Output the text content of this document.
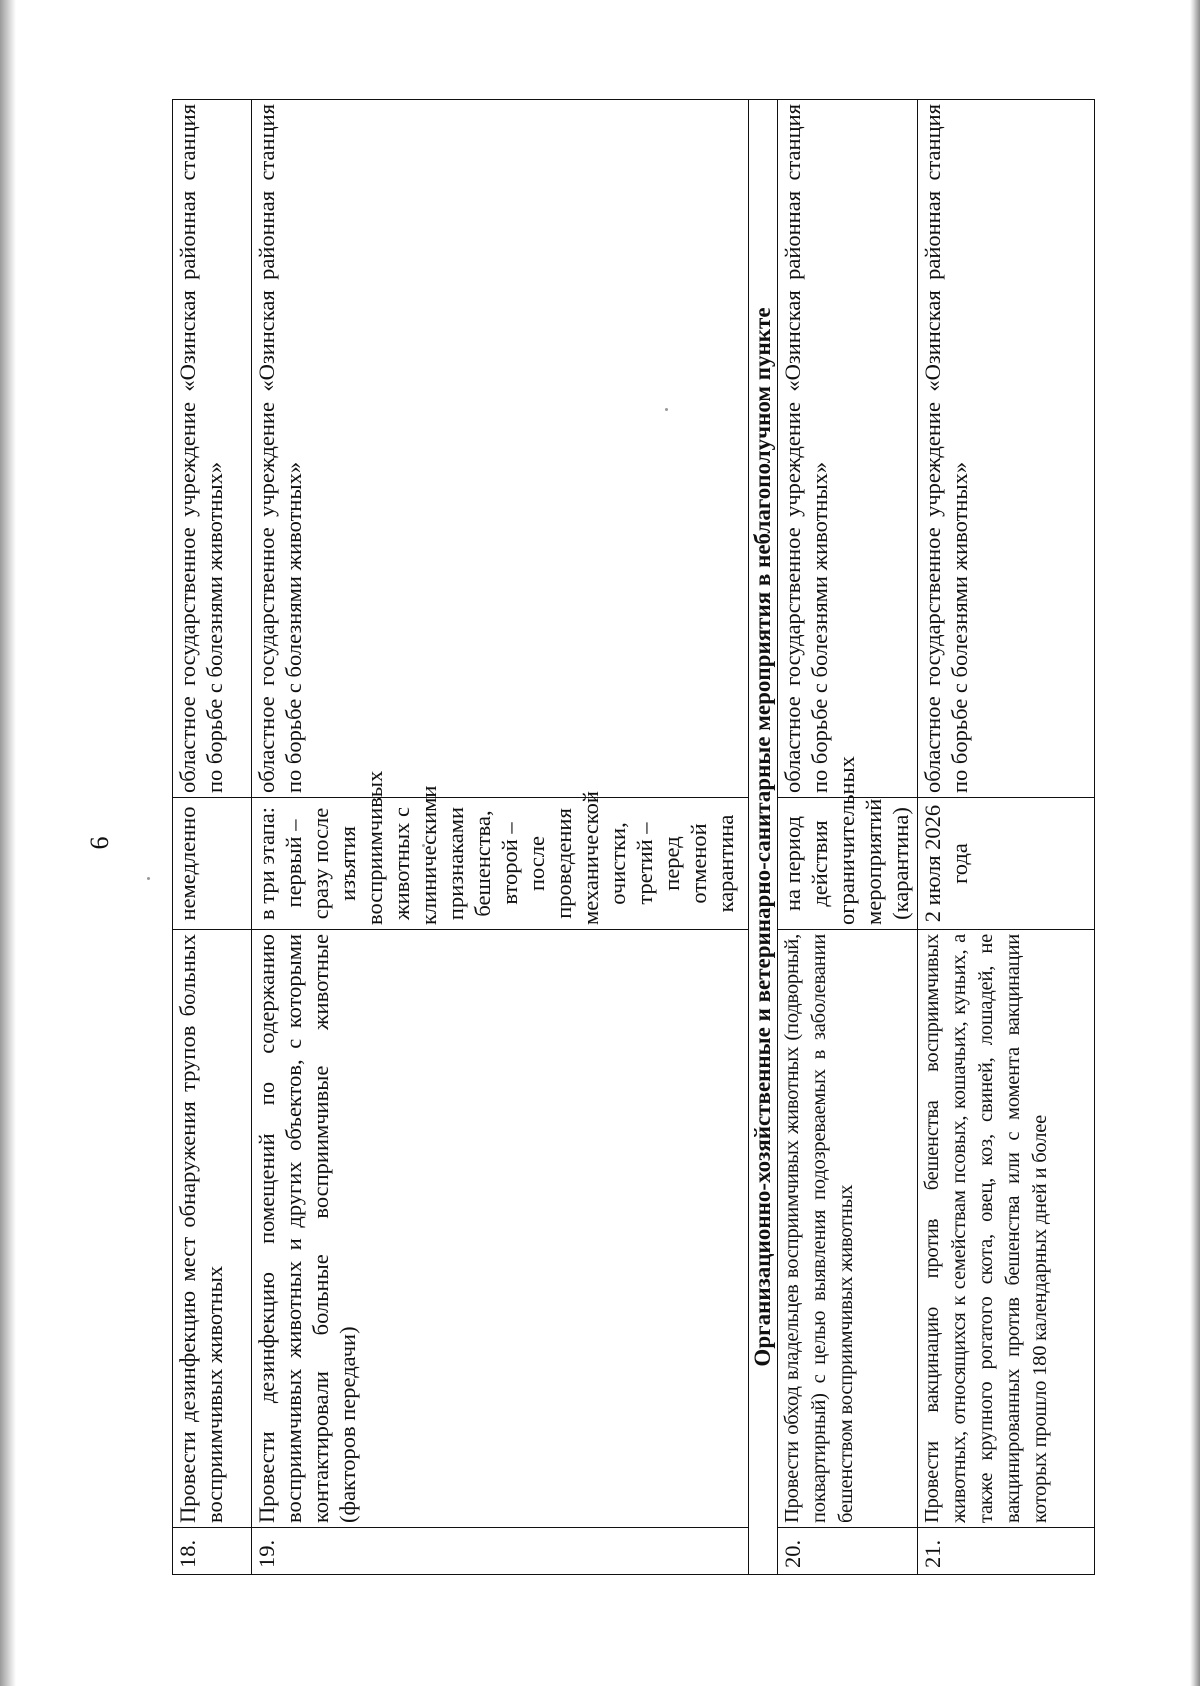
6
18.	Провести дезинфекцию мест обнаружения трупов больных восприимчивых животных	немедленно	областное государственное учреждение «Озинская районная станция по борьбе с болезнями животных»
19.	Провести дезинфекцию помещений по содержанию восприимчивых животных и других объектов, с которыми контактировали больные восприимчивые животные (факторов передачи)	в три этапа: первый – сразу после изъятия восприимчивых животных с клиническими признаками бешенства, второй – после проведения механической очистки, третий – перед отменой карантина	областное государственное учреждение «Озинская районная станция по борьбе с болезнями животных»
Организационно-хозяйственные и ветеринарно-санитарные мероприятия в неблагополучном пункте			
20.	Провести обход владельцев восприимчивых животных (подворный, поквартирный) с целью выявления подозреваемых в заболевании бешенством восприимчивых животных	на период действия ограничительных мероприятий (карантина)	областное государственное учреждение «Озинская районная станция по борьбе с болезнями животных»
21.	Провести вакцинацию против бешенства восприимчивых животных, относящихся к семействам псовых, кошачьих, куньих, а также крупного рогатого скота, овец, коз, свиней, лошадей, не вакцинированных против бешенства или с момента вакцинации которых прошло 180 календарных дней и более	2 июля 2026 года	областное государственное учреждение «Озинская районная станция по борьбе с болезнями животных»
